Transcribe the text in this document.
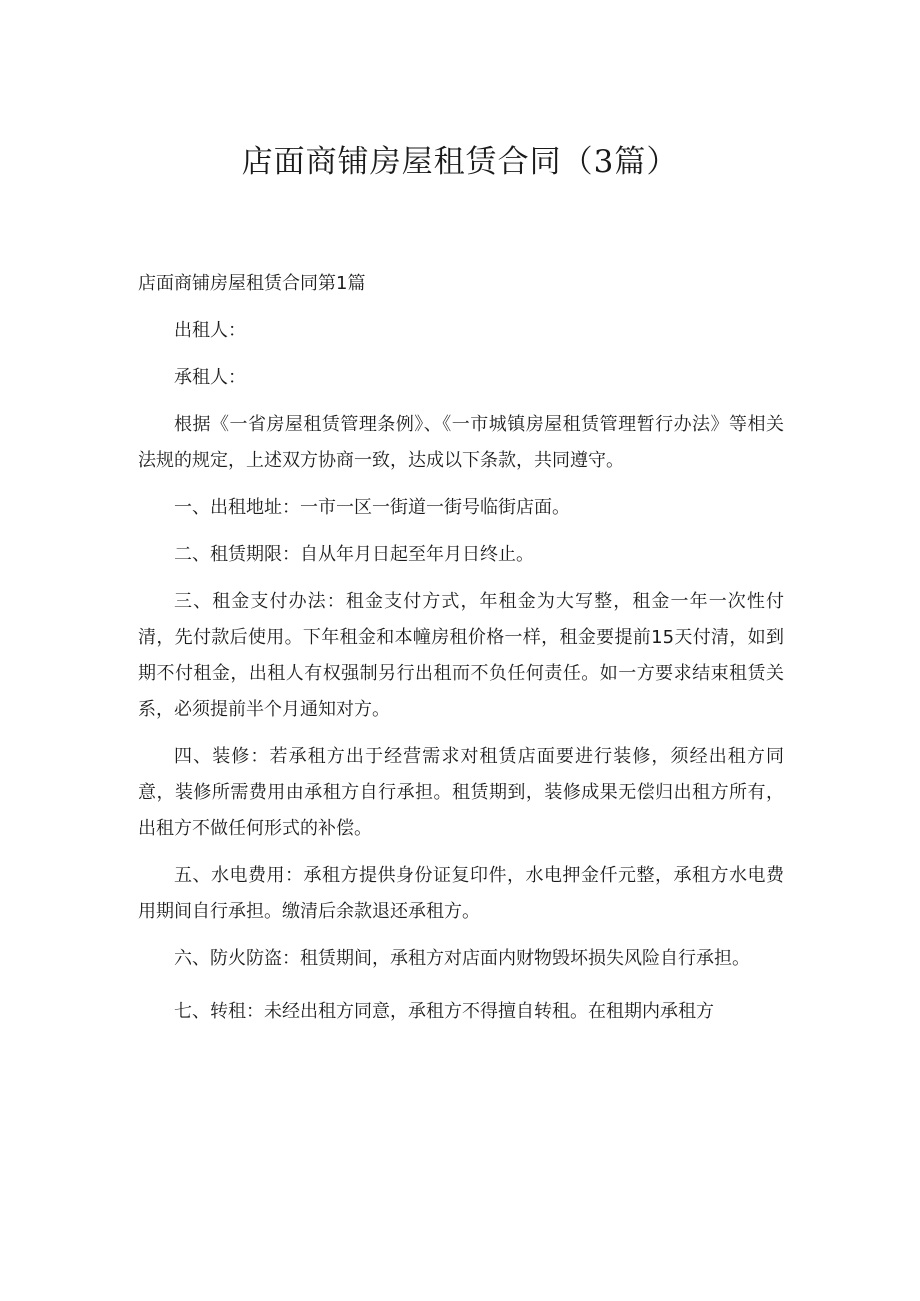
店面商铺房屋租赁合同（3篇）

店面商铺房屋租赁合同第1篇

出租人：

承租人：

根据《一省房屋租赁管理条例》、《一市城镇房屋租赁管理暂行办法》等相关法规的规定，上述双方协商一致，达成以下条款，共同遵守。

一、出租地址：一市一区一街道一街号临街店面。

二、租赁期限：自从年月日起至年月日终止。

三、租金支付办法：租金支付方式，年租金为大写整，租金一年一次性付清，先付款后使用。下年租金和本幢房租价格一样，租金要提前15天付清，如到期不付租金，出租人有权强制另行出租而不负任何责任。如一方要求结束租赁关系，必须提前半个月通知对方。

四、装修：若承租方出于经营需求对租赁店面要进行装修，须经出租方同意，装修所需费用由承租方自行承担。租赁期到，装修成果无偿归出租方所有，出租方不做任何形式的补偿。

五、水电费用：承租方提供身份证复印件，水电押金仟元整，承租方水电费用期间自行承担。缴清后余款退还承租方。

六、防火防盗：租赁期间，承租方对店面内财物毁坏损失风险自行承担。

七、转租：未经出租方同意，承租方不得擅自转租。在租期内承租方
